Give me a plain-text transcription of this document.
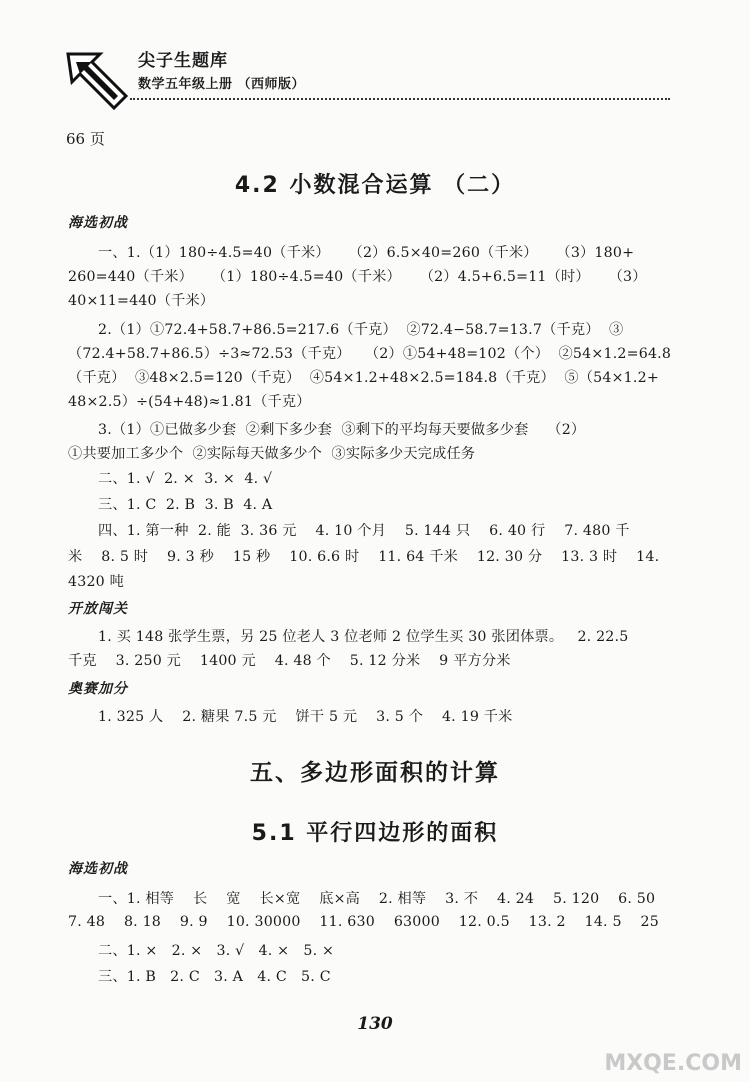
尖子生题库
数学五年级上册 （西师版）
66 页
4.2 小数混合运算 （二）
海选初战
一、1.（1）180÷4.5=40（千米）    （2）6.5×40=260（千米）    （3）180+
260=440（千米）    （1）180÷4.5=40（千米）    （2）4.5+6.5=11（时）    （3）
40×11=440（千米）
2.（1）①72.4+58.7+86.5=217.6（千克）  ②72.4−58.7=13.7（千克）  ③
（72.4+58.7+86.5）÷3≈72.53（千克）   （2）①54+48=102（个）  ②54×1.2=64.8
（千克）  ③48×2.5=120（千克）  ④54×1.2+48×2.5=184.8（千克）  ⑤（54×1.2+
48×2.5）÷(54+48)≈1.81（千克）
3.（1）①已做多少套  ②剩下多少套  ③剩下的平均每天要做多少套    （2）
①共要加工多少个  ②实际每天做多少个  ③实际多少天完成任务
二、1. √  2. ×  3. ×  4. √
三、1. C  2. B  3. B  4. A
四、1. 第一种  2. 能  3. 36 元    4. 10 个月    5. 144 只    6. 40 行    7. 480 千
米    8. 5 时    9. 3 秒    15 秒    10. 6.6 时    11. 64 千米    12. 30 分    13. 3 时    14.
4320 吨
开放闯关
1. 买 148 张学生票，另 25 位老人 3 位老师 2 位学生买 30 张团体票。   2. 22.5
千克    3. 250 元    1400 元    4. 48 个    5. 12 分米    9 平方分米
奥赛加分
1. 325 人    2. 糖果 7.5 元    饼干 5 元    3. 5 个    4. 19 千米
五、多边形面积的计算
5.1 平行四边形的面积
海选初战
一、1. 相等    长    宽    长×宽    底×高    2. 相等    3. 不    4. 24    5. 120    6. 50
7. 48    8. 18    9. 9    10. 30000    11. 630    63000    12. 0.5    13. 2    14. 5    25
二、1. ×   2. ×   3. √   4. ×   5. ×
三、1. B   2. C   3. A   4. C   5. C
130
MXQE.COM
